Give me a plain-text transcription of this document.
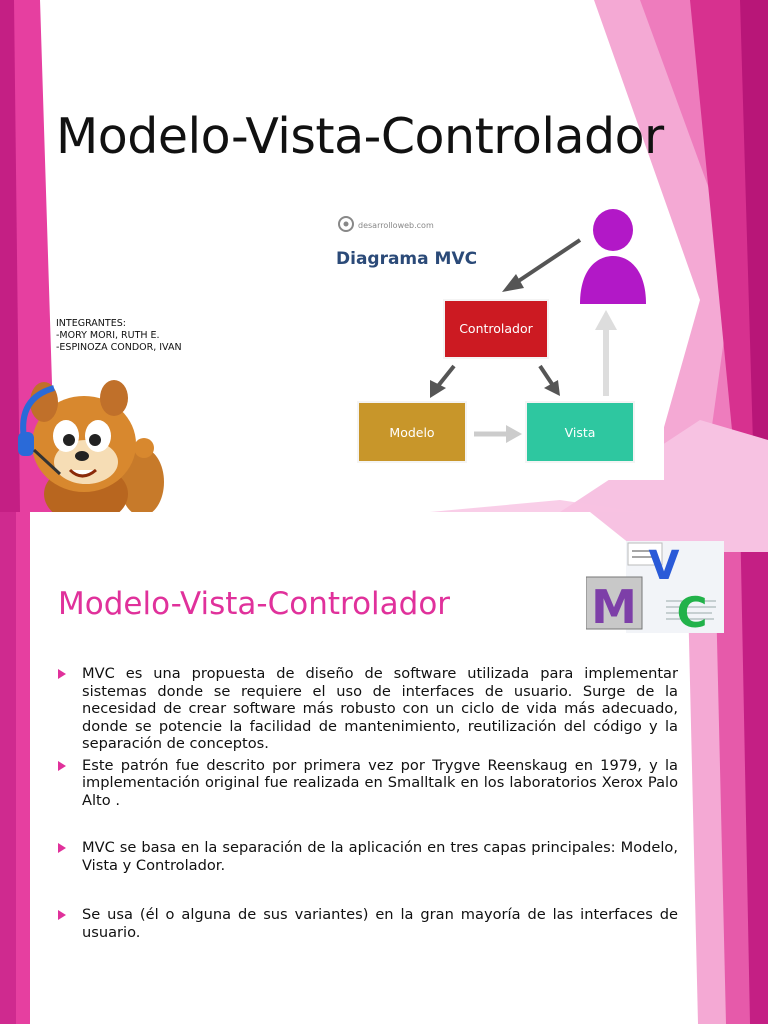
Modelo-Vista-Controlador
INTEGRANTES:
-MORY MORI, RUTH E.
-ESPINOZA CONDOR, IVAN
desarrolloweb.com
Diagrama MVC
Controlador
Modelo	Vista
Modelo-Vista-Controlador	M
V
C
MVC es una propuesta de diseño de software utilizada para implementar sistemas donde se requiere el uso de interfaces de usuario. Surge de la necesidad de crear software más robusto con un ciclo de vida más adecuado, donde se potencie la facilidad de mantenimiento, reutilización del código y la separación de conceptos.
Este patrón fue descrito por primera vez por Trygve Reenskaug en 1979, y la implementación original fue realizada en Smalltalk en los laboratorios Xerox Palo Alto .
MVC se basa en la separación de la aplicación en tres capas principales: Modelo, Vista y Controlador.
Se usa (él o alguna de sus variantes) en la gran mayoría de las interfaces de usuario.
